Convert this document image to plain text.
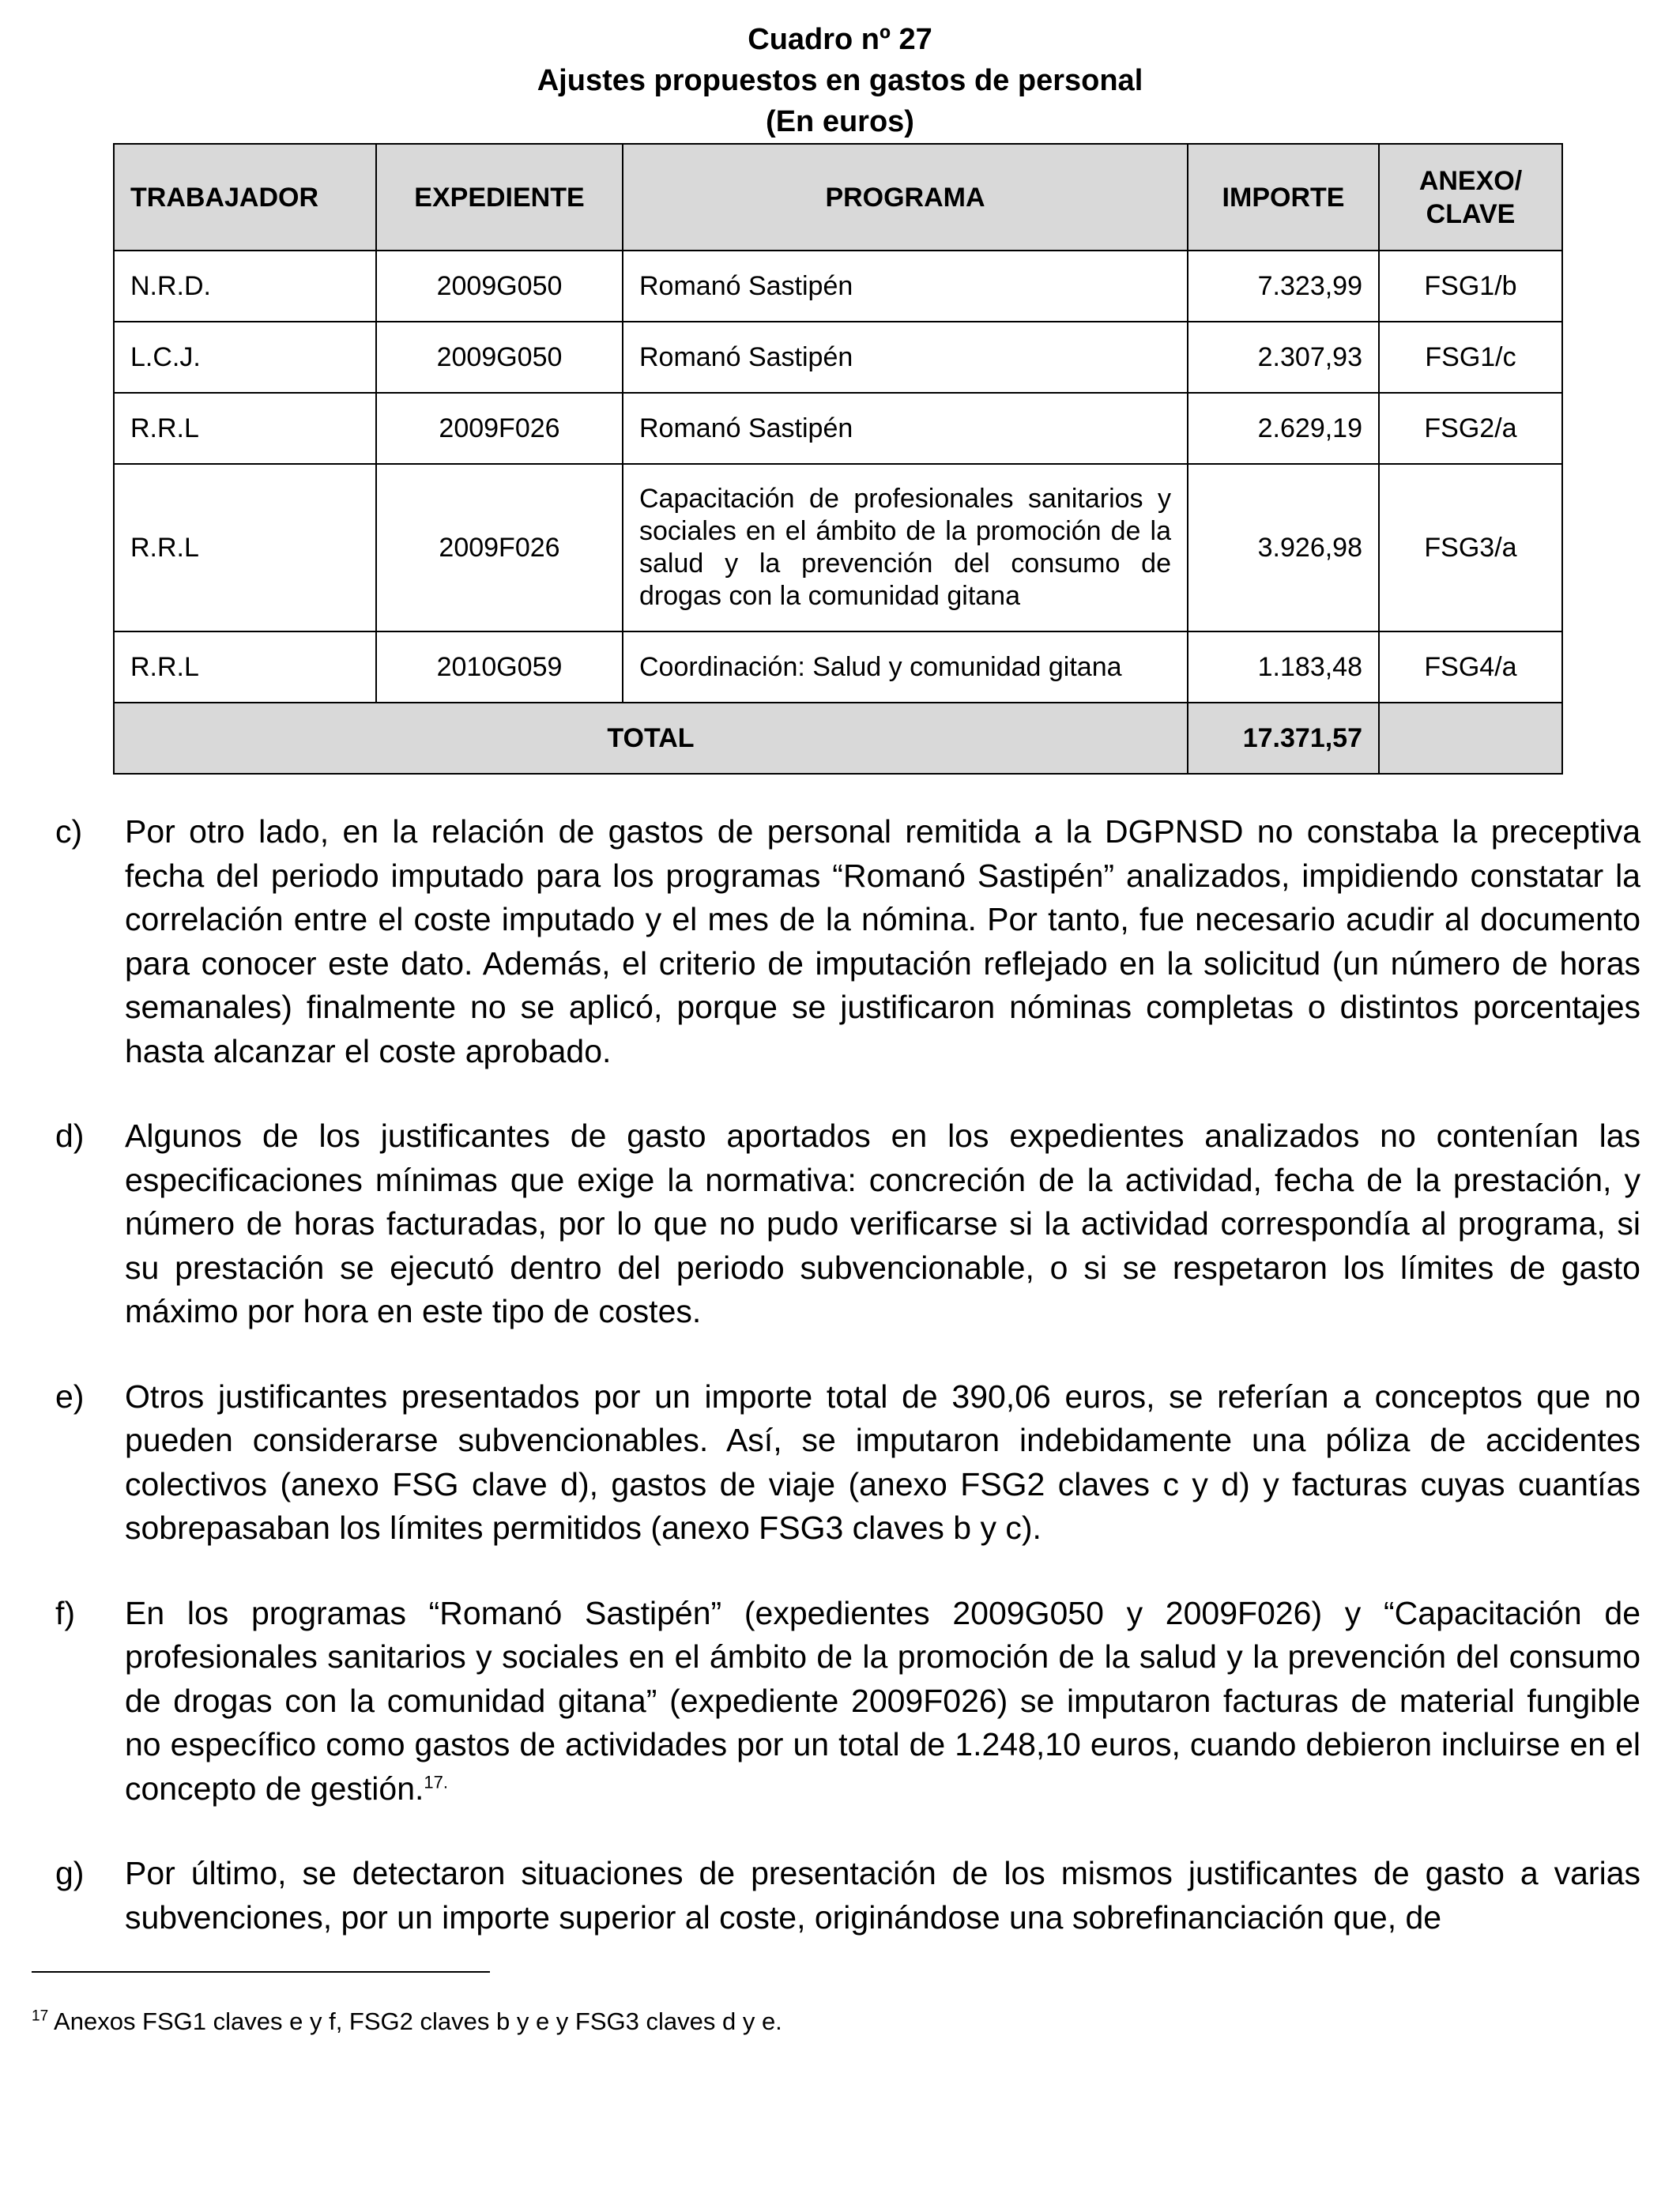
Cuadro nº 27
Ajustes propuestos en gastos de personal
(En euros)
TRABAJADOR	EXPEDIENTE	PROGRAMA	IMPORTE	ANEXO/
CLAVE
N.R.D.	2009G050	Romanó Sastipén	7.323,99	FSG1/b
L.C.J.	2009G050	Romanó Sastipén	2.307,93	FSG1/c
R.R.L	2009F026	Romanó Sastipén	2.629,19	FSG2/a
R.R.L	2009F026	Capacitación de profesionales sanitarios y sociales en el ámbito de la promoción de la salud y la prevención del consumo de drogas con la comunidad gitana	3.926,98	FSG3/a
R.R.L	2010G059	Coordinación: Salud y comunidad gitana	1.183,48	FSG4/a
TOTAL			17.371,57	
c)	Por otro lado, en la relación de gastos de personal remitida a la DGPNSD no constaba la preceptiva fecha del periodo imputado para los programas “Romanó Sastipén” analizados, impidiendo constatar la correlación entre el coste imputado y el mes de la nómina. Por tanto, fue necesario acudir al documento para conocer este dato. Además, el criterio de imputación reflejado en la solicitud (un número de horas semanales) finalmente no se aplicó, porque se justificaron nóminas completas o distintos porcentajes hasta alcanzar el coste aprobado.
d)	Algunos de los justificantes de gasto aportados en los expedientes analizados no contenían las especificaciones mínimas que exige la normativa: concreción de la actividad, fecha de la prestación, y número de horas facturadas, por lo que no pudo verificarse si la actividad correspondía al programa, si su prestación se ejecutó dentro del periodo subvencionable, o si se respetaron los límites de gasto máximo por hora en este tipo de costes.
e)	Otros justificantes presentados por un importe total de 390,06 euros, se referían a conceptos que no pueden considerarse subvencionables. Así, se imputaron indebidamente una póliza de accidentes colectivos (anexo FSG clave d), gastos de viaje (anexo FSG2 claves c y d) y facturas cuyas cuantías sobrepasaban los límites permitidos (anexo FSG3 claves b y c).
f)	En los programas “Romanó Sastipén” (expedientes 2009G050 y 2009F026) y “Capacitación de profesionales sanitarios y sociales en el ámbito de la promoción de la salud y la prevención del consumo de drogas con la comunidad gitana” (expediente 2009F026) se imputaron facturas de material fungible no específico como gastos de actividades por un total de 1.248,10 euros, cuando debieron incluirse en el concepto de gestión.$^{17.}$
g)	Por último, se detectaron situaciones de presentación de los mismos justificantes de gasto a varias subvenciones, por un importe superior al coste, originándose una sobrefinanciación que, de
$^{17}$ Anexos FSG1 claves e y f, FSG2 claves b y e y FSG3 claves d y e.
